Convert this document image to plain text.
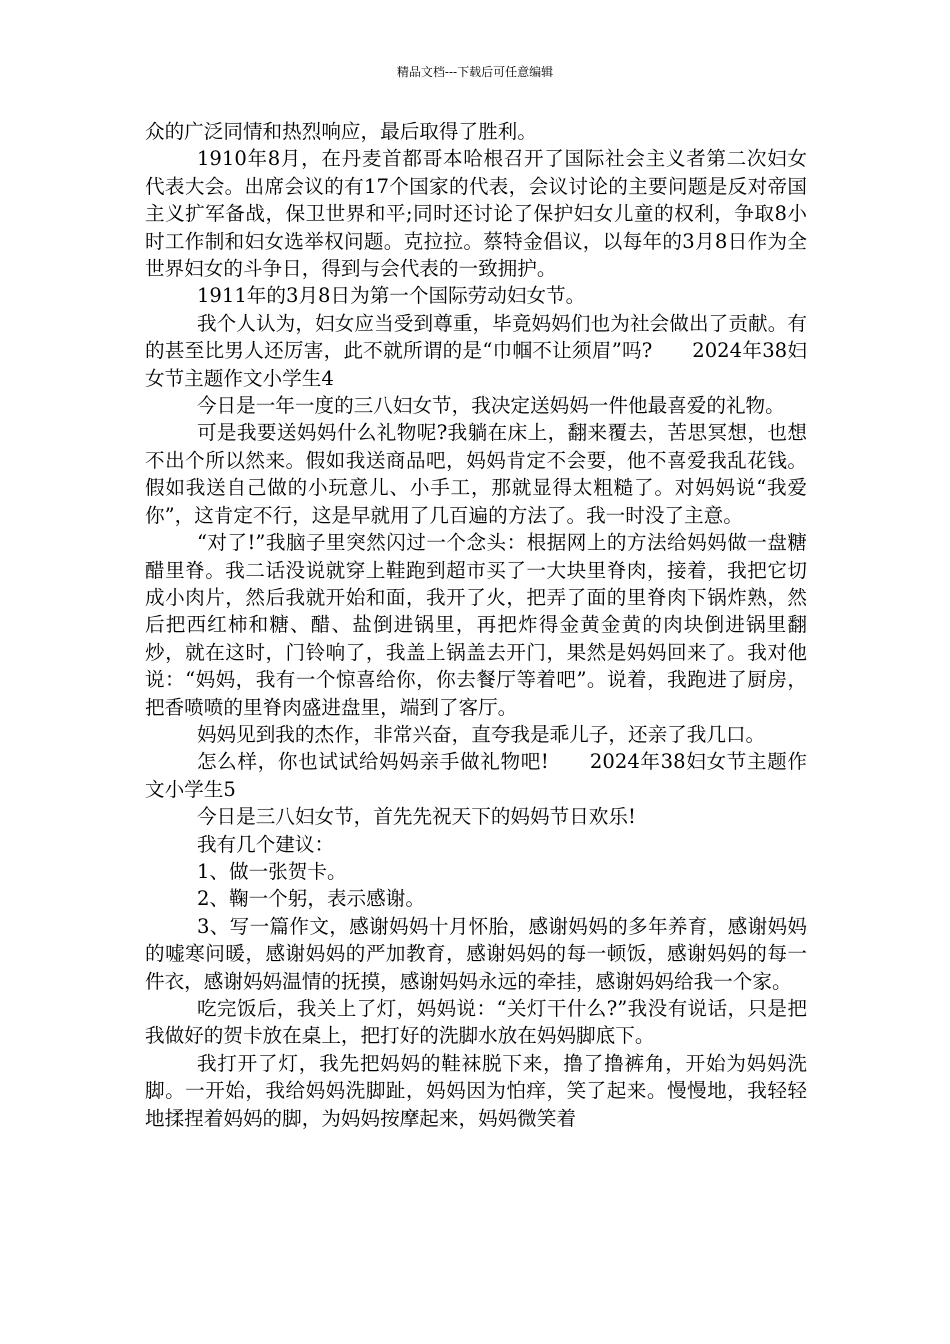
精品文档---下载后可任意编辑

众的广泛同情和热烈响应，最后取得了胜利。

1910年8月，在丹麦首都哥本哈根召开了国际社会主义者第二次妇女代表大会。出席会议的有17个国家的代表，会议讨论的主要问题是反对帝国主义扩军备战，保卫世界和平;同时还讨论了保护妇女儿童的权利，争取8小时工作制和妇女选举权问题。克拉拉。蔡特金倡议，以每年的3月8日作为全世界妇女的斗争日，得到与会代表的一致拥护。

1911年的3月8日为第一个国际劳动妇女节。

我个人认为，妇女应当受到尊重，毕竟妈妈们也为社会做出了贡献。有的甚至比男人还厉害，此不就所谓的是“巾帼不让须眉”吗?　　2024年38妇女节主题作文小学生4

今日是一年一度的三八妇女节，我决定送妈妈一件他最喜爱的礼物。

可是我要送妈妈什么礼物呢?我躺在床上，翻来覆去，苦思冥想，也想不出个所以然来。假如我送商品吧，妈妈肯定不会要，他不喜爱我乱花钱。假如我送自己做的小玩意儿、小手工，那就显得太粗糙了。对妈妈说“我爱你”，这肯定不行，这是早就用了几百遍的方法了。我一时没了主意。

“对了!”我脑子里突然闪过一个念头：根据网上的方法给妈妈做一盘糖醋里脊。我二话没说就穿上鞋跑到超市买了一大块里脊肉，接着，我把它切成小肉片，然后我就开始和面，我开了火，把弄了面的里脊肉下锅炸熟，然后把西红柿和糖、醋、盐倒进锅里，再把炸得金黄金黄的肉块倒进锅里翻炒，就在这时，门铃响了，我盖上锅盖去开门，果然是妈妈回来了。我对他说：“妈妈，我有一个惊喜给你，你去餐厅等着吧”。说着，我跑进了厨房，把香喷喷的里脊肉盛进盘里，端到了客厅。

妈妈见到我的杰作，非常兴奋，直夸我是乖儿子，还亲了我几口。

怎么样，你也试试给妈妈亲手做礼物吧!　　2024年38妇女节主题作文小学生5

今日是三八妇女节，首先先祝天下的妈妈节日欢乐!

我有几个建议：

1、做一张贺卡。

2、鞠一个躬，表示感谢。

3、写一篇作文，感谢妈妈十月怀胎，感谢妈妈的多年养育，感谢妈妈的嘘寒问暖，感谢妈妈的严加教育，感谢妈妈的每一顿饭，感谢妈妈的每一件衣，感谢妈妈温情的抚摸，感谢妈妈永远的牵挂，感谢妈妈给我一个家。

吃完饭后，我关上了灯，妈妈说：“关灯干什么?”我没有说话，只是把我做好的贺卡放在桌上，把打好的洗脚水放在妈妈脚底下。

我打开了灯，我先把妈妈的鞋袜脱下来，撸了撸裤角，开始为妈妈洗脚。一开始，我给妈妈洗脚趾，妈妈因为怕痒，笑了起来。慢慢地，我轻轻地揉捏着妈妈的脚，为妈妈按摩起来，妈妈微笑着
